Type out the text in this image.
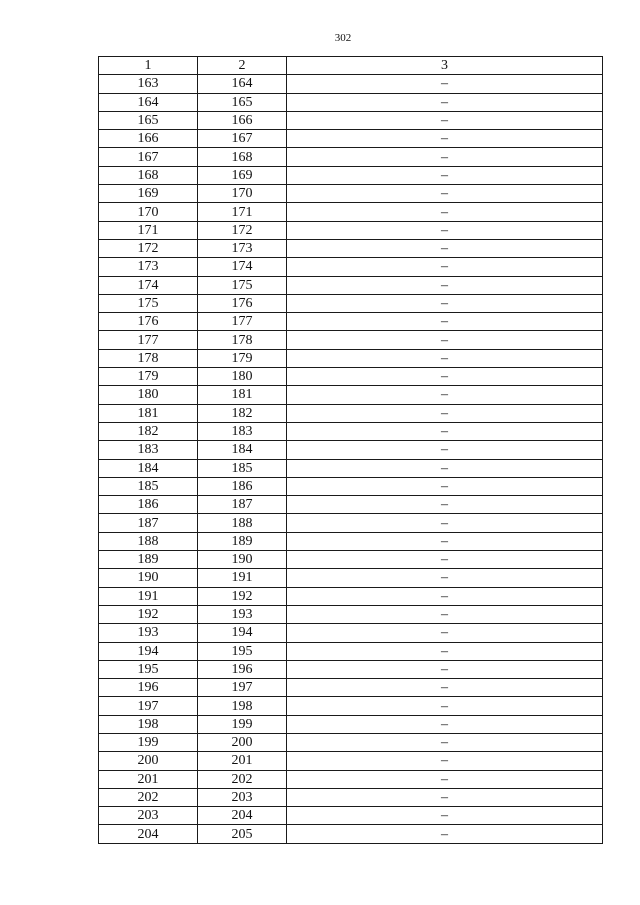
302
1	2	3
163	164	–
164	165	–
165	166	–
166	167	–
167	168	–
168	169	–
169	170	–
170	171	–
171	172	–
172	173	–
173	174	–
174	175	–
175	176	–
176	177	–
177	178	–
178	179	–
179	180	–
180	181	–
181	182	–
182	183	–
183	184	–
184	185	–
185	186	–
186	187	–
187	188	–
188	189	–
189	190	–
190	191	–
191	192	–
192	193	–
193	194	–
194	195	–
195	196	–
196	197	–
197	198	–
198	199	–
199	200	–
200	201	–
201	202	–
202	203	–
203	204	–
204	205	–
